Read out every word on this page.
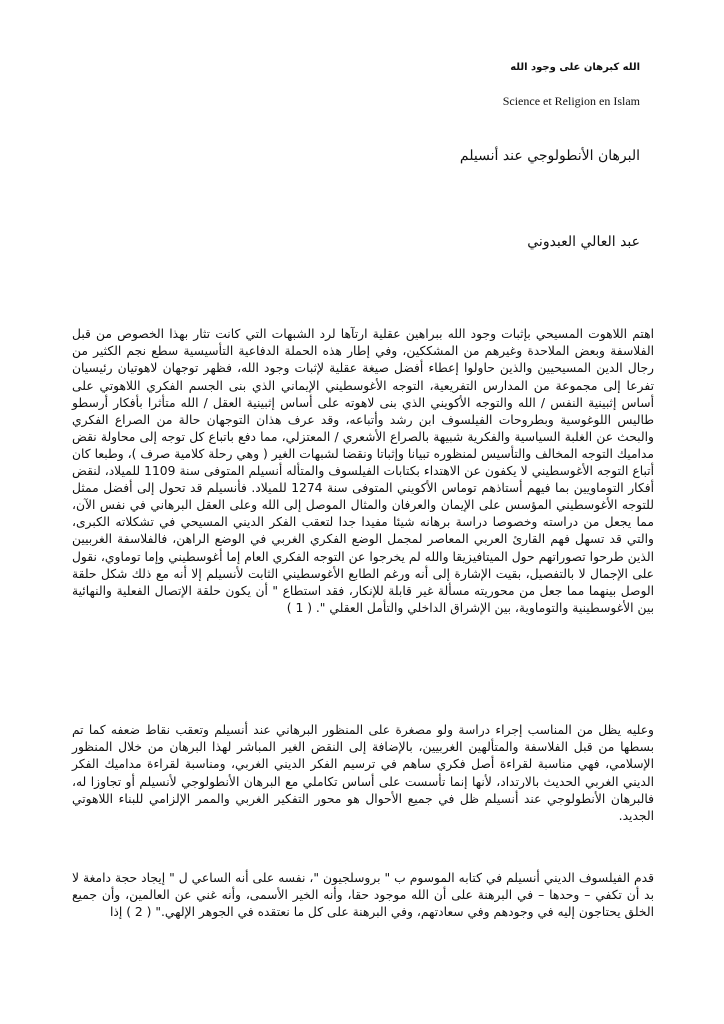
الله كبرهان على وجود الله
Science et Religion en Islam
البرهان الأنطولوجي عند أنسيلم
عبد العالي العبدوني

اهتم اللاهوت المسيحي بإثبات وجود الله ببراهين عقلية ارتآها لرد الشبهات التي كانت تثار بهذا الخصوص من قبل الفلاسفة وبعض الملاحدة وغيرهم من المشككين، وفي إطار هذه الحملة الدفاعية التأسيسية سطع نجم الكثير من رجال الدين المسيحيين والذين حاولوا إعطاء أفضل صيغة عقلية لإثبات وجود الله، فظهر توجهان لاهوتيان رئيسيان تفرعا إلى مجموعة من المدارس التفريعية، التوجه الأغوسطيني الإيماني الذي بنى الجسم الفكري اللاهوتي على أساس إثبينية النفس / الله والتوجه الأكويني الذي بنى لاهوته على أساس إثبينية العقل / الله متأثرا بأفكار أرسطو طاليس اللوغوسية وبطروحات الفيلسوف ابن رشد وأتباعه، وقد عرف هذان التوجهان حالة من الصراع الفكري والبحث عن الغلبة السياسية والفكرية شبيهة بالصراع الأشعري / المعتزلي، مما دفع باتباع كل توجه إلى محاولة نقض مداميك التوجه المخالف والتأسيس لمنظوره تبيانا وإثباتا ونقضا لشبهات الغير ( وهي رحلة كلامية صرف )، وطبعا كان أتباع التوجه الأغوسطيني لا يكفون عن الاهتداء بكتابات الفيلسوف والمتأله أنسيلم المتوفى سنة 1109 للميلاد، لنقض أفكار التوماويين بما فيهم أستاذهم توماس الأكويني المتوفى سنة 1274 للميلاد. فأنسيلم قد تحول إلى أفضل ممثل للتوجه الأغوسطيني المؤسس على الإيمان والعرفان والمثال الموصل إلى الله وعلى العقل البرهاني في نفس الآن، مما يجعل من دراسته وخصوصا دراسة برهانه شيئا مفيدا جدا لتعقب الفكر الديني المسيحي في تشكلاته الكبرى، والتي قد تسهل فهم القارئ العربي المعاصر لمجمل الوضع الفكري الغربي في الوضع الراهن، فالفلاسفة الغربيين الذين طرحوا تصوراتهم حول الميتافيزيقا والله لم يخرجوا عن التوجه الفكري العام إما أغوسطيني وإما توماوي، نقول على الإجمال لا بالتفصيل، بقيت الإشارة إلى أنه ورغم الطابع الأغوسطيني الثابت لأنسيلم إلا أنه مع ذلك شكل حلقة الوصل بينهما مما جعل من محوريته مسألة غير قابلة للإنكار، فقد استطاع " أن يكون حلقة الإتصال الفعلية والنهائية بين الأغوسطينية والتوماوية، بين الإشراق الداخلي والتأمل العقلي ". ( 1 )

وعليه يظل من المناسب إجراء دراسة ولو مصغرة على المنظور البرهاني عند أنسيلم وتعقب نقاط ضعفه كما تم بسطها من قبل الفلاسفة والمتألهين الغربيين، بالإضافة إلى النقض الغير المباشر لهذا البرهان من خلال المنظور الإسلامي، فهي مناسبة لقراءة أصل فكري ساهم في ترسيم الفكر الديني الغربي، ومناسبة لقراءة مداميك الفكر الديني الغربي الحديث بالارتداد، لأنها إنما تأسست على أساس تكاملي مع البرهان الأنطولوجي لأنسيلم أو تجاوزا له، فالبرهان الأنطولوجي عند أنسيلم ظل في جميع الأحوال هو محور التفكير الغربي والممر الإلزامي للبناء اللاهوتي الجديد.

قدم الفيلسوف الديني أنسيلم في كتابه الموسوم ب " بروسلجيون "، نفسه على أنه الساعي ل " إيجاد حجة دامغة لا بد أن تكفي – وحدها – في البرهنة على أن الله موجود حقا، وأنه الخير الأسمى، وأنه غني عن العالمين، وأن جميع الخلق يحتاجون إليه في وجودهم وفي سعادتهم، وفي البرهنة على كل ما نعتقده في الجوهر الإلهي." ( 2 ) إذا
